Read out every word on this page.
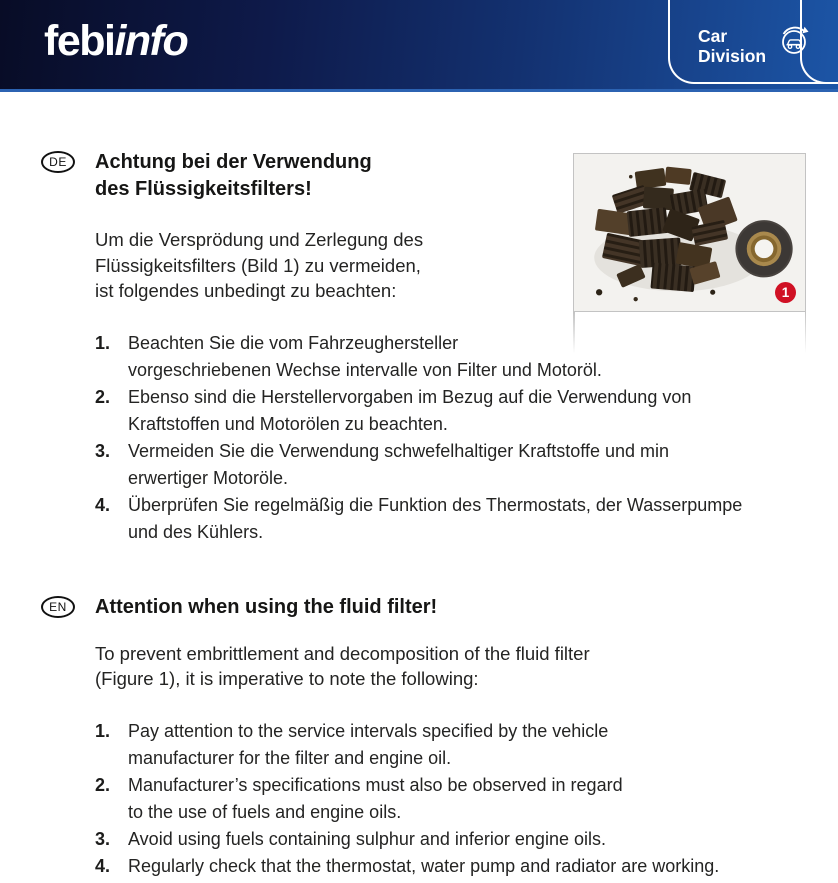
febiinfo	Car
Division
1
DE	Achtung bei der Verwendung
des Flüssigkeitsfilters!
Um die Versprödung und Zerlegung des
Flüssigkeitsfilters (Bild 1) zu vermeiden,
ist folgendes unbedingt zu beachten:
1. Beachten Sie die vom Fahrzeughersteller
vorgeschriebenen Wechse intervalle von Filter und Motoröl.
2. Ebenso sind die Herstellervorgaben im Bezug auf die Verwendung von
Kraftstoffen und Motorölen zu beachten.
3. Vermeiden Sie die Verwendung schwefelhaltiger Kraftstoffe und min
erwertiger Motoröle.
4. Überprüfen Sie regelmäßig die Funktion des Thermostats, der Wasserpumpe
und des Kühlers.
EN	Attention when using the fluid filter!
To prevent embrittlement and decomposition of the fluid filter
(Figure 1), it is imperative to note the following:
1. Pay attention to the service intervals specified by the vehicle
manufacturer for the filter and engine oil.
2. Manufacturer’s specifications must also be observed in regard
to the use of fuels and engine oils.
3. Avoid using fuels containing sulphur and inferior engine oils.
4. Regularly check that the thermostat, water pump and radiator are working.
